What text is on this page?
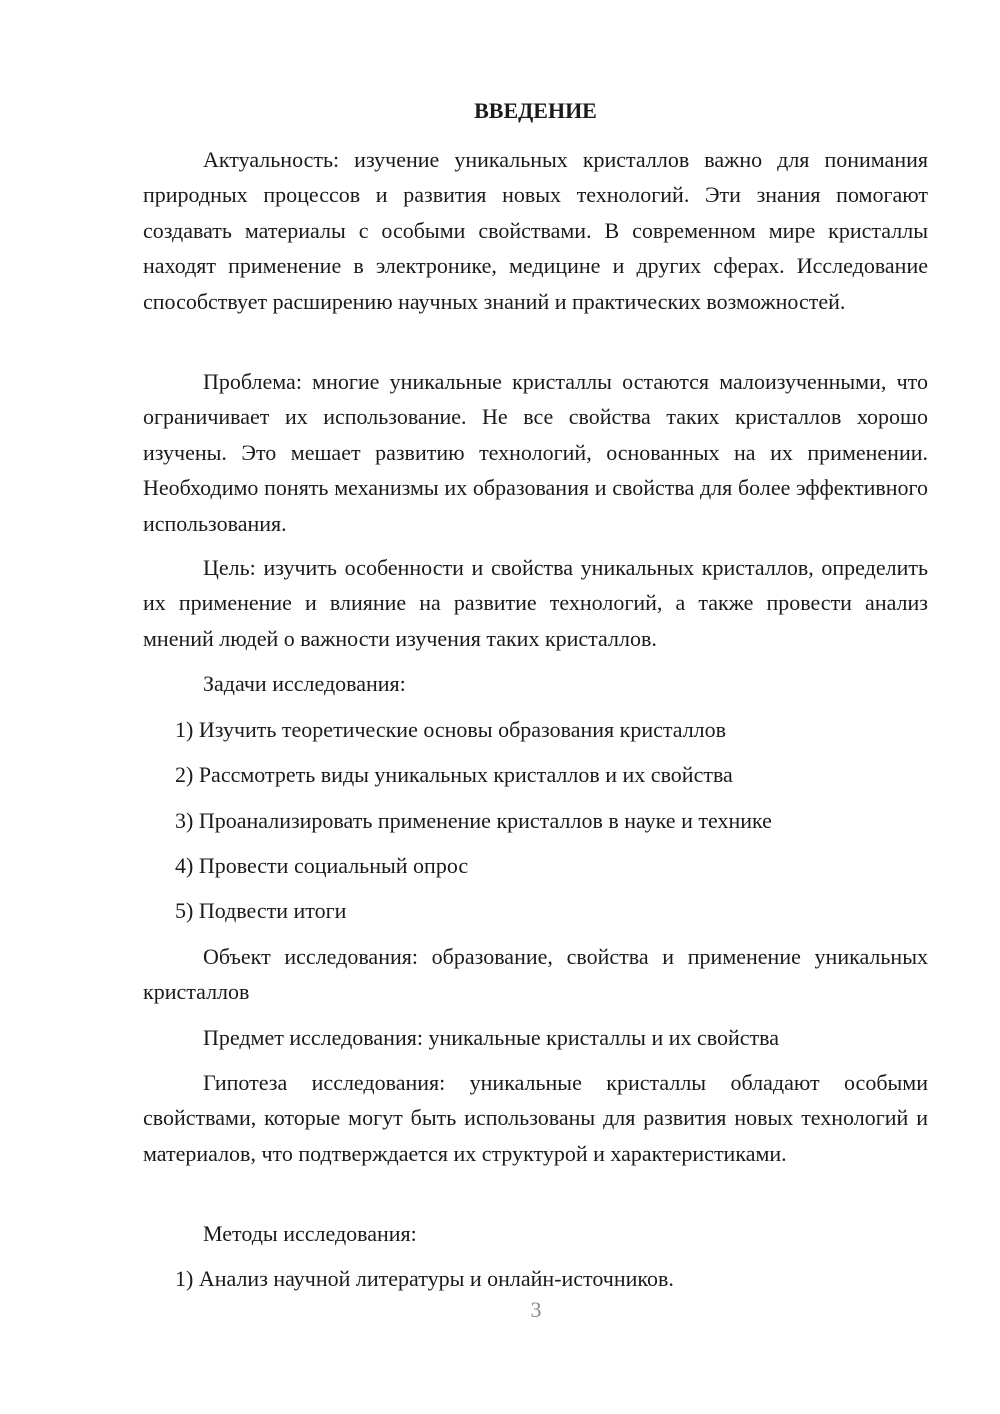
ВВЕДЕНИЕ

Актуальность: изучение уникальных кристаллов важно для понимания природных процессов и развития новых технологий. Эти знания помогают создавать материалы с особыми свойствами. В современном мире кристаллы находят применение в электронике, медицине и других сферах. Исследование способствует расширению научных знаний и практических возможностей.

Проблема: многие уникальные кристаллы остаются малоизученными, что ограничивает их использование. Не все свойства таких кристаллов хорошо изучены. Это мешает развитию технологий, основанных на их применении. Необходимо понять механизмы их образования и свойства для более эффективного использования.

Цель: изучить особенности и свойства уникальных кристаллов, определить их применение и влияние на развитие технологий, а также провести анализ мнений людей о важности изучения таких кристаллов.

Задачи исследования:

1) Изучить теоретические основы образования кристаллов

2) Рассмотреть виды уникальных кристаллов и их свойства

3) Проанализировать применение кристаллов в науке и технике

4) Провести социальный опрос

5) Подвести итоги

Объект исследования: образование, свойства и применение уникальных кристаллов

Предмет исследования: уникальные кристаллы и их свойства

Гипотеза исследования: уникальные кристаллы обладают особыми свойствами, которые могут быть использованы для развития новых технологий и материалов, что подтверждается их структурой и характеристиками.

Методы исследования:

1) Анализ научной литературы и онлайн-источников.

3
